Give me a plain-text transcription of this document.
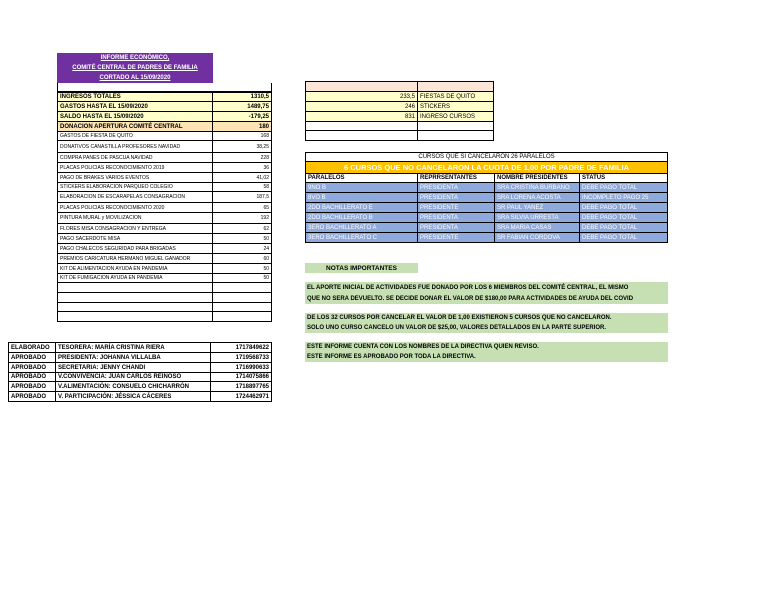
INFORME ECONÓMICO,
COMITÉ CENTRAL DE PADRES DE FAMILIA
CORTADO AL 15/09/2020
INGRESOS TOTALES	1310,5
GASTOS HASTA EL 15/09/2020	1489,75
SALDO HASTA EL 15/09/2020	-179,25
DONACION APERTURA COMITÉ CENTRAL	180
GASTOS DE FIESTA DE QUITO	168
DONATIVOS CANASTILLA PROFESORES NAVIDAD	38,25
COMPRA PANES DE PASCUA NAVIDAD	228
PLACAS POLICIAS RECONOCIMIENTO 2019	36
PAGO DE BRAKES VARIOS EVENTOS	41,02
STICKERS ELABORACION PARQUEO COLEGIO	58
ELABORACION DE ESCARAPELAS CONSAGRACION	187,5
PLACAS POLICIAS RECONOCIMIENTO 2020	65
PINTURA MURAL y MOVILIZACION	192
FLORES MISA CONSAGRACION Y ENTREGA	62
PAGO SACERDOTE MISA	50
PAGO CHALECOS SEGURIDAD PARA BRIGADAS	24
PREMIOS CARICATURA HERMANO MIGUEL GANADOR	60
KIT DE ALIMENTACION AYUDA EN PANDEMIA	50
KIT DE FUMIGACION AYUDA EN PANDEMIA	50
ELABORADO	TESORERA: MARÍA CRISTINA RIERA	1717849622
APROBADO	PRESIDENTA: JOHANNA VILLALBA	1719568733
APROBADO	SECRETARIA: JENNY CHANDI	1716990633
APROBADO	V.CONVIVENCIA: JUAN CARLOS REINOSO	1714075866
APROBADO	V.ALIMENTACIÓN: CONSUELO CHICHARRÓN	1718897765
APROBADO	V. PARTICIPACIÓN: JÉSSICA CÁCERES	1724462971
INGRESOS
233,5 FIESTAS DE QUITO
246 STICKERS
831 INGRESO CURSOS
CURSOS QUE SI CANCELARON 26 PARALELOS
6 CURSOS QUE NO CANCELARON LA CUOTA DE 1,00 POR PADRE DE FAMILIA
PARALELOS	REPRRSENTANTES	NOMBRE PRESIDENTES	STATUS
9NO B	PRESIDENTA	SRA CRISTINA BURBANO	DEBE PAGO TOTAL
8VO B	PRESIDENTA	SRA LORENA ACOSTA	INCOMPLETO PAGO 25
2DO BACHILLERATO E	PRESIDENTE	SR PAUL YANEZ	DEBE PAGO TOTAL
2DO BACHILLERATO B	PRESIDENTA	SRA SILVIA URRESTA	DEBE PAGO TOTAL
3ERO BACHILLERATO A	PRESIDENTA	SRA MARIA CASAS	DEBE PAGO TOTAL
3ERO BACHILLERATO C	PRESIDENTE	SR FABIAN CORDOVA	DEBE PAGO TOTAL
NOTAS IMPORTANTES
EL APORTE INICIAL DE ACTIVIDADES FUE DONADO POR LOS 6 MIEMBROS DEL COMITÉ CENTRAL, EL MISMO
QUE NO SERA DEVUELTO. SE DECIDE DONAR EL VALOR DE $180,00 PARA ACTIVIDADES DE AYUDA DEL COVID
DE LOS 32 CURSOS POR CANCELAR EL VALOR DE 1,00 EXISTIERON 5 CURSOS QUE NO CANCELARON.
SOLO UNO CURSO CANCELO UN VALOR DE $25,00, VALORES DETALLADOS EN LA PARTE SUPERIOR.
ESTE INFORME CUENTA CON LOS NOMBRES DE LA DIRECTIVA QUIEN REVISO.
ESTE INFORME ES APROBADO POR TODA LA DIRECTIVA.
